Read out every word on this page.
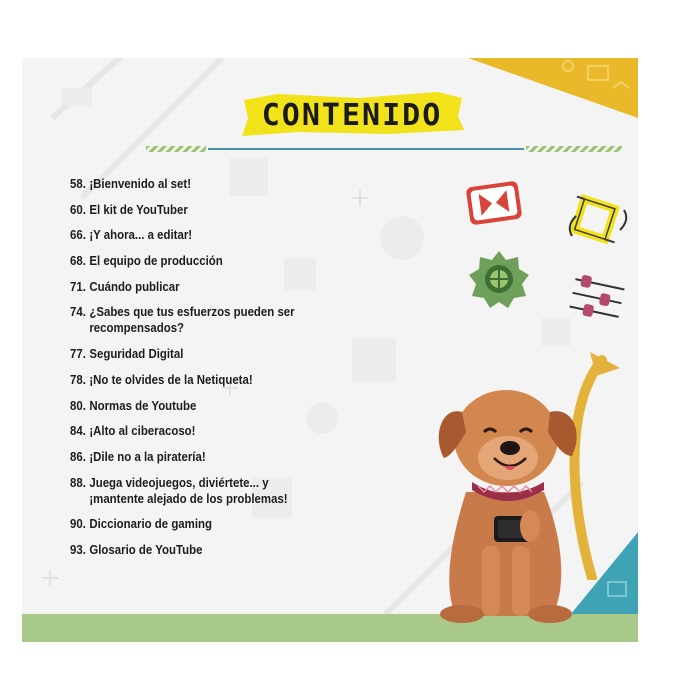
CONTENIDO
58. ¡Bienvenido al set!
60. El kit de YouTuber
66. ¡Y ahora... a editar!
68. El equipo de producción
71. Cuándo publicar
74. ¿Sabes que tus esfuerzos pueden ser recompensados?
77. Seguridad Digital
78. ¡No te olvides de la Netiqueta!
80. Normas de Youtube
84. ¡Alto al ciberacoso!
86. ¡Dile no a la piratería!
88. Juega videojuegos, diviértete... y ¡mantente alejado de los problemas!
90. Diccionario de gaming
93. Glosario de YouTube
